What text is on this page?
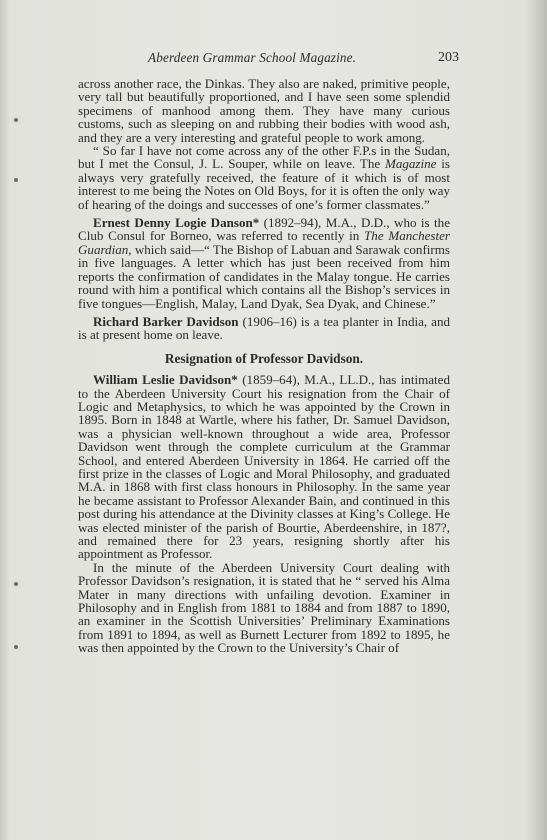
Aberdeen Grammar School Magazine.	203

across another race, the Dinkas. They also are naked, primitive people, very tall but beautifully proportioned, and I have seen some splendid specimens of manhood among them. They have many curious customs, such as sleeping on and rubbing their bodies with wood ash, and they are a very interesting and grateful people to work among.

“ So far I have not come across any of the other F.P.s in the Sudan, but I met the Consul, J. L. Souper, while on leave. The Magazine is always very gratefully received, the feature of it which is of most interest to me being the Notes on Old Boys, for it is often the only way of hearing of the doings and successes of one’s former classmates.”

Ernest Denny Logie Danson* (1892–94), M.A., D.D., who is the Club Consul for Borneo, was referred to recently in The Manchester Guardian, which said—“ The Bishop of Labuan and Sarawak confirms in five languages. A letter which has just been received from him reports the confirmation of candidates in the Malay tongue. He carries round with him a pontifical which contains all the Bishop’s services in five tongues—English, Malay, Land Dyak, Sea Dyak, and Chinese.”

Richard Barker Davidson (1906–16) is a tea planter in India, and is at present home on leave.

Resignation of Professor Davidson.

William Leslie Davidson* (1859–64), M.A., LL.D., has intimated to the Aberdeen University Court his resignation from the Chair of Logic and Metaphysics, to which he was appointed by the Crown in 1895. Born in 1848 at Wartle, where his father, Dr. Samuel Davidson, was a physician well-known throughout a wide area, Professor Davidson went through the complete curriculum at the Grammar School, and entered Aberdeen University in 1864. He carried off the first prize in the classes of Logic and Moral Philosophy, and graduated M.A. in 1868 with first class honours in Philosophy. In the same year he became assistant to Professor Alexander Bain, and continued in this post during his attendance at the Divinity classes at King’s College. He was elected minister of the parish of Bourtie, Aberdeenshire, in 187?, and remained there for 23 years, resigning shortly after his appointment as Professor.

In the minute of the Aberdeen University Court dealing with Professor Davidson’s resignation, it is stated that he “ served his Alma Mater in many directions with unfailing devotion. Examiner in Philosophy and in English from 1881 to 1884 and from 1887 to 1890, an examiner in the Scottish Universities’ Preliminary Examinations from 1891 to 1894, as well as Burnett Lecturer from 1892 to 1895, he was then appointed by the Crown to the University’s Chair of
